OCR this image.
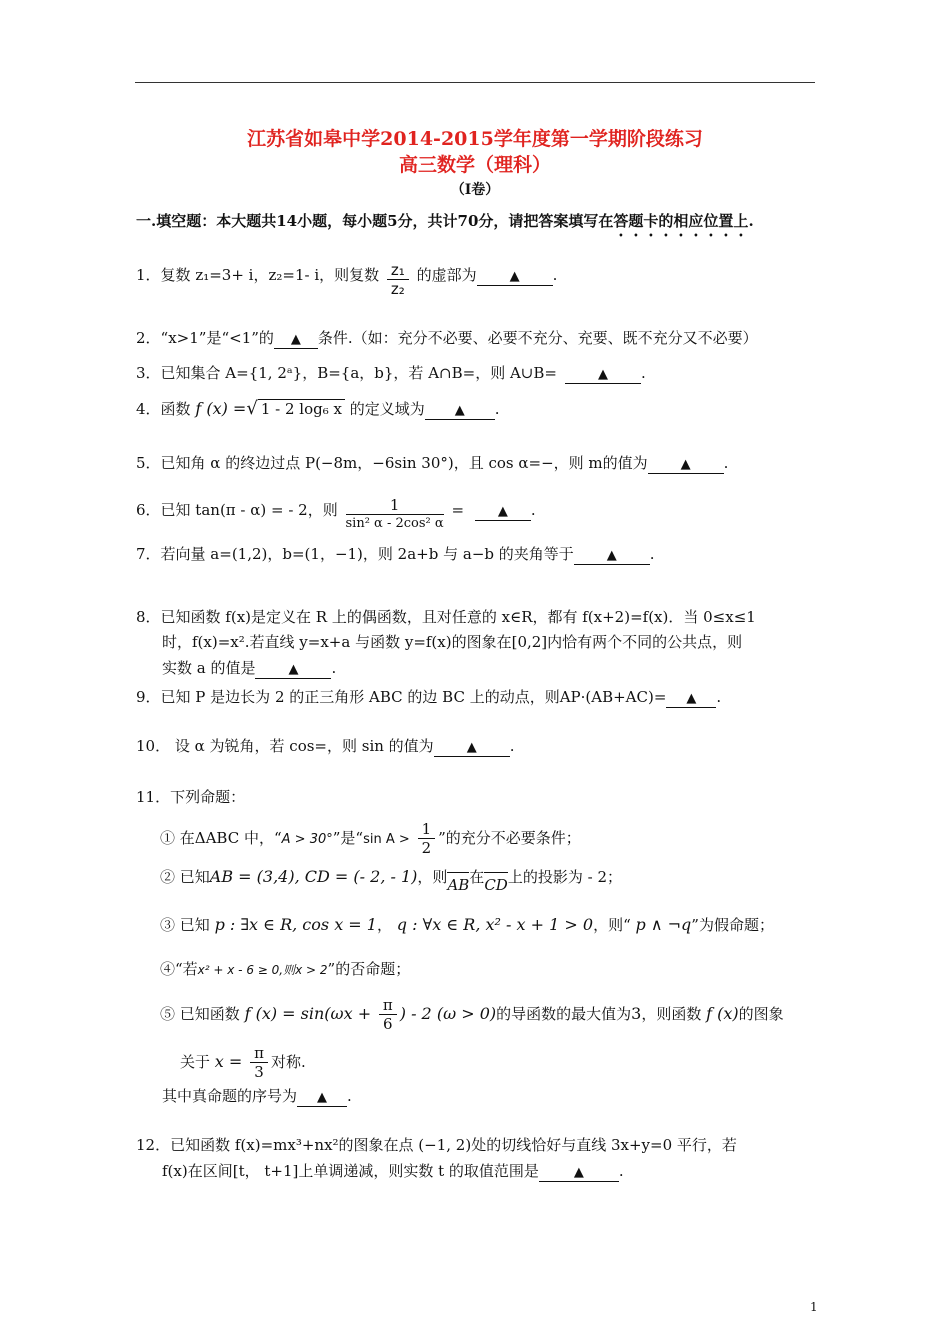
江苏省如皋中学2014-2015学年度第一学期阶段练习
高三数学（理科）
（Ⅰ卷）
一.填空题：本大题共14小题，每小题5分，共计70分，请把答案填写在答题卡的相应位置上.
1．复数 z₁=3+ i，z₂=1- i，则复数 $\frac{\text{z₁}}{\text{z₂}}$ 的虚部为	▲ .
2．“x>1”是“<1”的 ▲ 条件.（如：充分不必要、必要不充分、充要、既不充分又不必要）
3．已知集合 A={1, 2ᵃ}，B={a，b}，若 A∩B=，则 A∪B=	▲ .
4．函数 f (x) =√ 1 - 2 log₆ x 的定义域为 ▲ .
5．已知角 α 的终边过点 P(−8m，−6sin 30°)，且 cos α=−，则 m的值为	▲ .
6．已知 tan(π - α) = - 2，则 $\frac{1}{\text{sin² α - 2cos² α}}$ =	▲ .
7．若向量 a=(1,2)，b=(1，−1)，则 2a+b 与 a−b 的夹角等于	▲ .
8．已知函数 f(x)是定义在 R 上的偶函数，且对任意的 x∈R，都有 f(x+2)=f(x)．当 0≤x≤1
时，f(x)=x².若直线 y=x+a 与函数 y=f(x)的图象在[0,2]内恰有两个不同的公共点，则
实数 a 的值是	▲ .
9．已知 P 是边长为 2 的正三角形 ABC 的边 BC 上的动点，则AP·(AB+AC)= ▲ .
10． 设 α 为锐角，若 cos=，则 sin 的值为	▲ .
11．下列命题：
① 在ΔABC 中，“A > 30°”是“sin $A > \frac{1}{2}$ ”的充分不必要条件；
② 已知AB = (3,4), CD = (- 2, - 1)，则AB在CD上的投影为 - 2；
③ 已知 p : ∃x ∈ R, cos x = 1， q : ∀x ∈ R, x² - x + 1 > 0，则“ p ∧ ¬q”为假命题；
④“若x² + x - 6 ≥ 0,则x > 2”的否命题；
⑤ 已知函数 f $(x) = \sin(\omega x + \frac{\pi}{6}$ ) - 2 (ω > 0)的导函数的最大值为3，则函数 f (x)的图象
关于 $x = \frac{\pi}{3}$ 对称.
其中真命题的序号为 ▲ .
12．已知函数 f(x)=mx³+nx²的图象在点 (−1, 2)处的切线恰好与直线 3x+y=0 平行，若
f(x)在区间[t， t+1]上单调递减，则实数 t 的取值范围是	▲ .
1
